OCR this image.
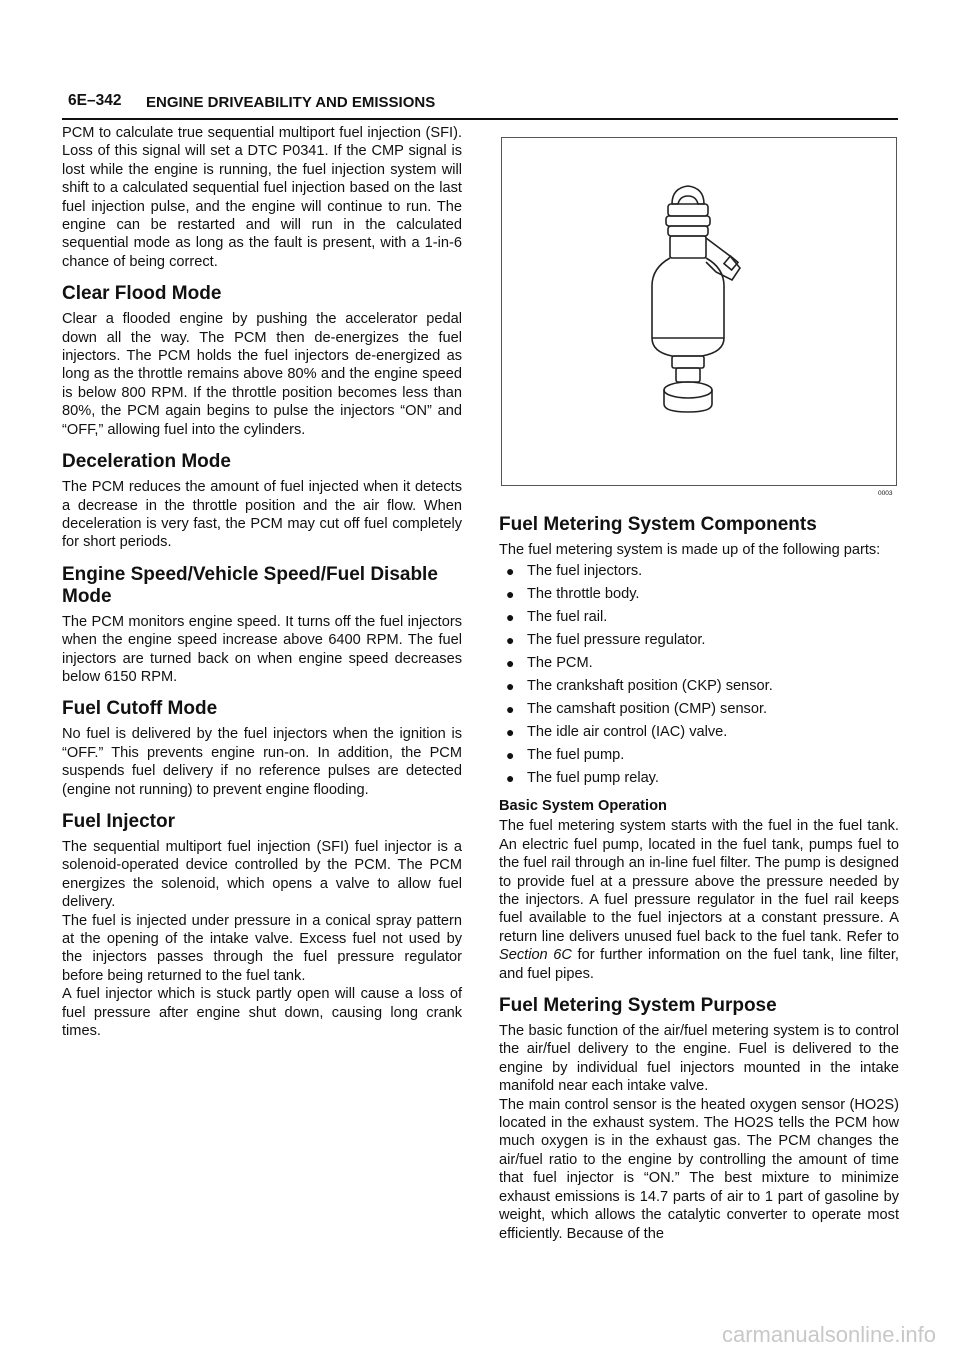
6E–342 ENGINE DRIVEABILITY AND EMISSIONS

PCM to calculate true sequential multiport fuel injection (SFI). Loss of this signal will set a DTC P0341. If the CMP signal is lost while the engine is running, the fuel injection system will shift to a calculated sequential fuel injection based on the last fuel injection pulse, and the engine will continue to run. The engine can be restarted and will run in the calculated sequential mode as long as the fault is present, with a 1-in-6 chance of being correct.

Clear Flood Mode

Clear a flooded engine by pushing the accelerator pedal down all the way. The PCM then de-energizes the fuel injectors. The PCM holds the fuel injectors de-energized as long as the throttle remains above 80% and the engine speed is below 800 RPM. If the throttle position becomes less than 80%, the PCM again begins to pulse the injectors “ON” and “OFF,” allowing fuel into the cylinders.

Deceleration Mode

The PCM reduces the amount of fuel injected when it detects a decrease in the throttle position and the air flow. When deceleration is very fast, the PCM may cut off fuel completely for short periods.

Engine Speed/Vehicle Speed/Fuel Disable Mode

The PCM monitors engine speed. It turns off the fuel injectors when the engine speed increase above 6400 RPM. The fuel injectors are turned back on when engine speed decreases below 6150 RPM.

Fuel Cutoff Mode

No fuel is delivered by the fuel injectors when the ignition is “OFF.” This prevents engine run-on. In addition, the PCM suspends fuel delivery if no reference pulses are detected (engine not running) to prevent engine flooding.

Fuel Injector

The sequential multiport fuel injection (SFI) fuel injector is a solenoid-operated device controlled by the PCM. The PCM energizes the solenoid, which opens a valve to allow fuel delivery.

The fuel is injected under pressure in a conical spray pattern at the opening of the intake valve. Excess fuel not used by the injectors passes through the fuel pressure regulator before being returned to the fuel tank.

A fuel injector which is stuck partly open will cause a loss of fuel pressure after engine shut down, causing long crank times.

0003
Fuel Metering System Components

The fuel metering system is made up of the following parts:

● The fuel injectors.
● The throttle body.
● The fuel rail.
● The fuel pressure regulator.
● The PCM.
● The crankshaft position (CKP) sensor.
● The camshaft position (CMP) sensor.
● The idle air control (IAC) valve.
● The fuel pump.
● The fuel pump relay.
Basic System Operation

The fuel metering system starts with the fuel in the fuel tank. An electric fuel pump, located in the fuel tank, pumps fuel to the fuel rail through an in-line fuel filter. The pump is designed to provide fuel at a pressure above the pressure needed by the injectors. A fuel pressure regulator in the fuel rail keeps fuel available to the fuel injectors at a constant pressure. A return line delivers unused fuel back to the fuel tank. Refer to Section 6C for further information on the fuel tank, line filter, and fuel pipes.

Fuel Metering System Purpose

The basic function of the air/fuel metering system is to control the air/fuel delivery to the engine. Fuel is delivered to the engine by individual fuel injectors mounted in the intake manifold near each intake valve.

The main control sensor is the heated oxygen sensor (HO2S) located in the exhaust system. The HO2S tells the PCM how much oxygen is in the exhaust gas. The PCM changes the air/fuel ratio to the engine by controlling the amount of time that fuel injector is “ON.” The best mixture to minimize exhaust emissions is 14.7 parts of air to 1 part of gasoline by weight, which allows the catalytic converter to operate most efficiently. Because of the

carmanualsonline.info
